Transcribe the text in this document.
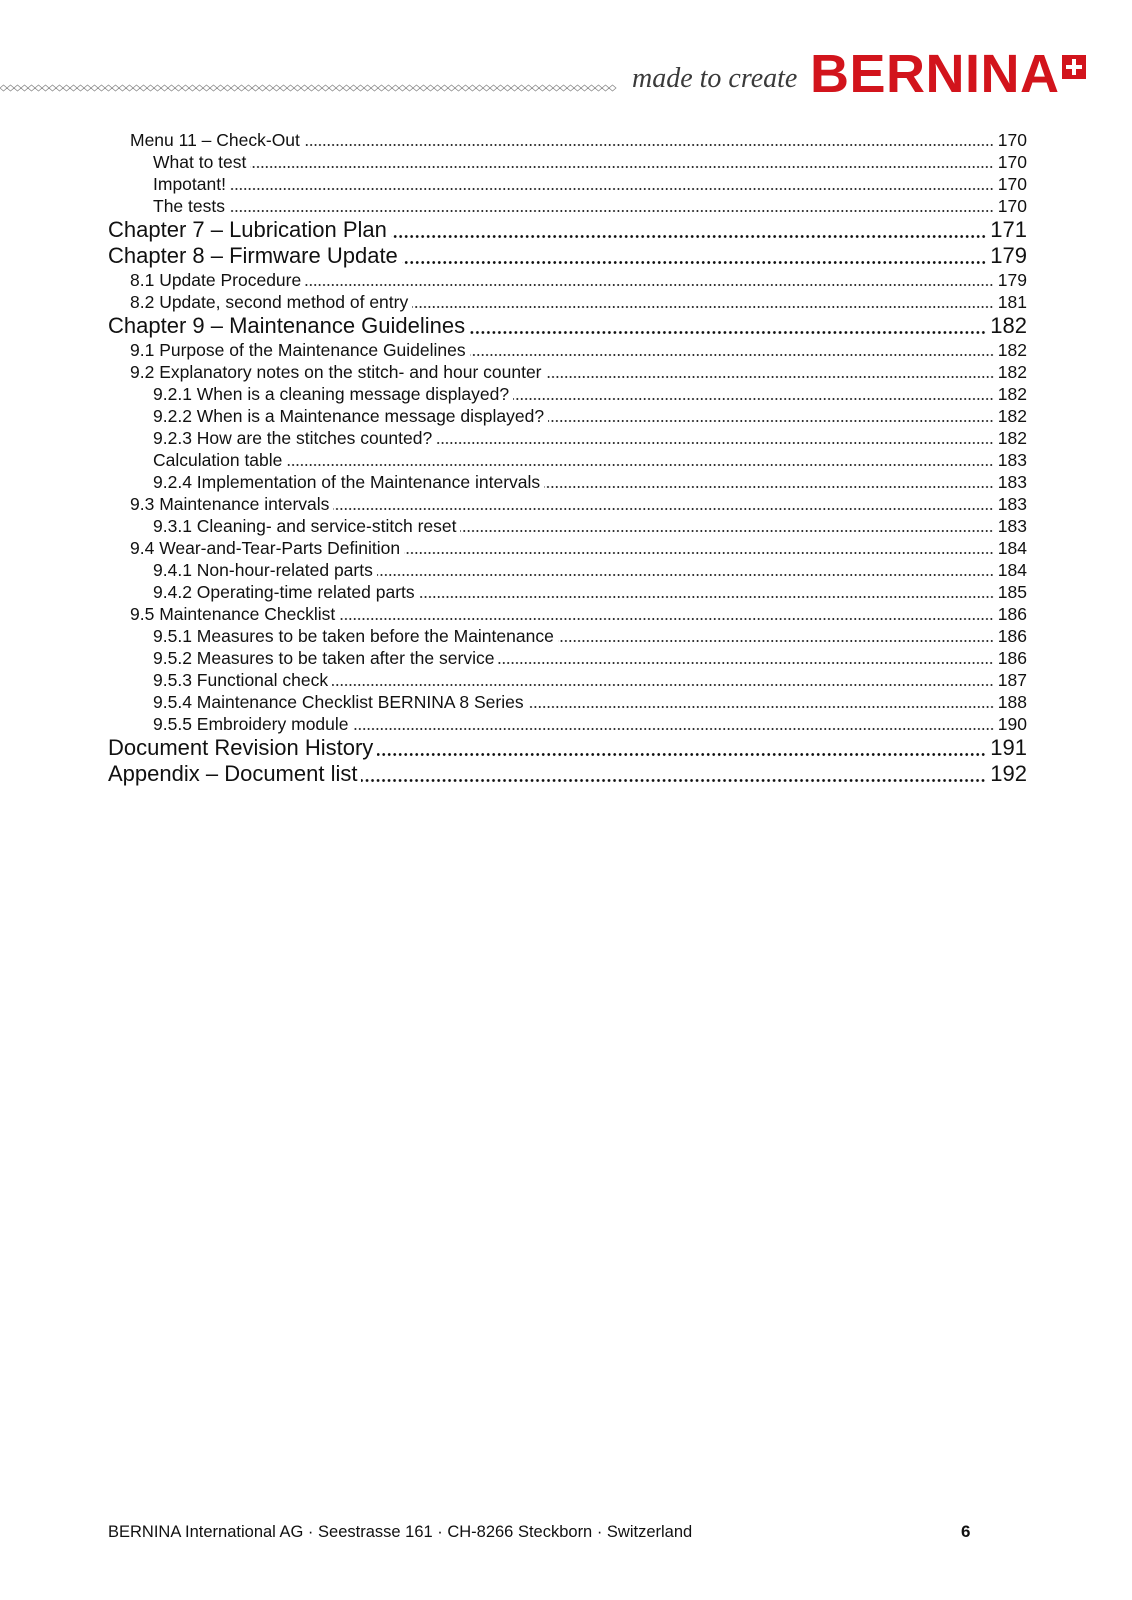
made to create BERNINA
Menu 11 – Check-Out	170
What to test	170
Impotant!	170
The tests	170
Chapter 7 – Lubrication Plan	171
Chapter 8 – Firmware Update	179
8.1 Update Procedure	179
8.2 Update, second method of entry	181
Chapter 9 – Maintenance Guidelines	182
9.1 Purpose of the Maintenance Guidelines	182
9.2 Explanatory notes on the stitch- and hour counter	182
9.2.1 When is a cleaning message displayed?	182
9.2.2 When is a Maintenance message displayed?	182
9.2.3 How are the stitches counted?	182
Calculation table	183
9.2.4 Implementation of the Maintenance intervals	183
9.3 Maintenance intervals	183
9.3.1 Cleaning- and service-stitch reset	183
9.4 Wear-and-Tear-Parts Definition	184
9.4.1 Non-hour-related parts	184
9.4.2 Operating-time related parts	185
9.5 Maintenance Checklist	186
9.5.1 Measures to be taken before the Maintenance	186
9.5.2 Measures to be taken after the service	186
9.5.3 Functional check	187
9.5.4 Maintenance Checklist BERNINA 8 Series	188
9.5.5 Embroidery module	190
Document Revision History	191
Appendix – Document list	192
BERNINA International AG · Seestrasse 161 · CH-8266 Steckborn · Switzerland	6
